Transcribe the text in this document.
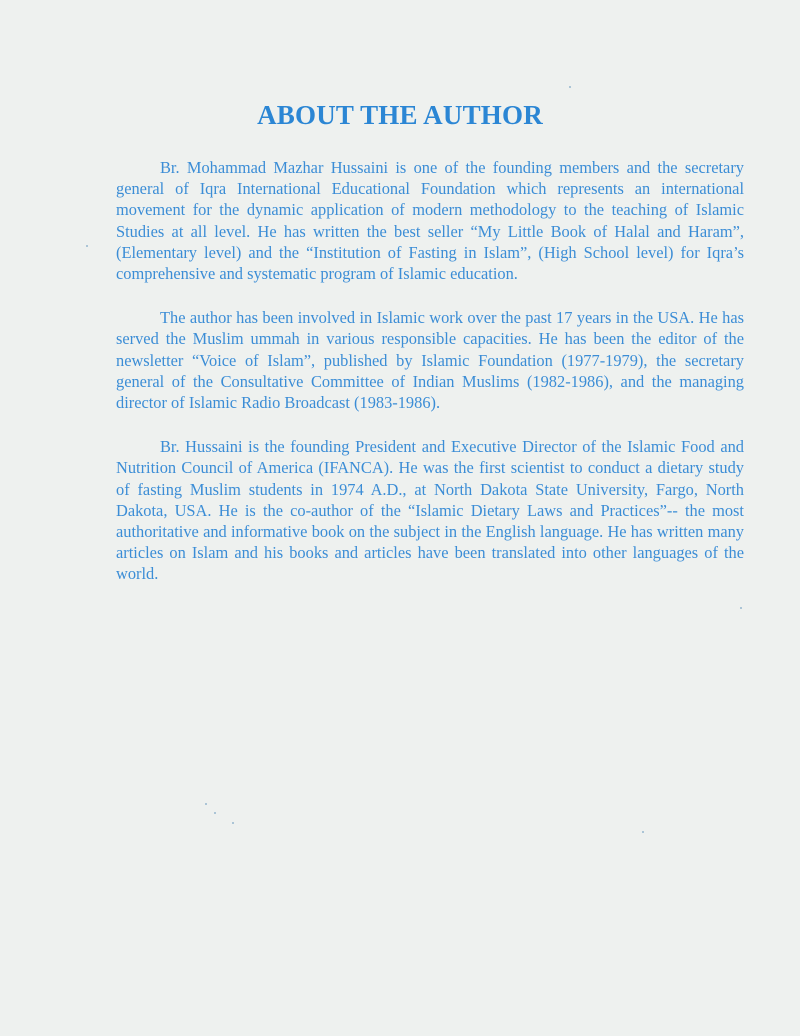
ABOUT THE AUTHOR

Br. Mohammad Mazhar Hussaini is one of the founding members and the secretary general of Iqra International Educational Foundation which represents an international movement for the dynamic application of modern methodology to the teaching of Islamic Studies at all level. He has written the best seller “My Little Book of Halal and Haram”, (Elementary level) and the “Institution of Fasting in Islam”, (High School level) for Iqra’s comprehensive and systematic program of Islamic education.

The author has been involved in Islamic work over the past 17 years in the USA. He has served the Muslim ummah in various responsible capacities. He has been the editor of the newsletter “Voice of Islam”, published by Islamic Foundation (1977-1979), the secretary general of the Consultative Committee of Indian Muslims (1982-1986), and the managing director of Islamic Radio Broadcast (1983-1986).

Br. Hussaini is the founding President and Executive Director of the Islamic Food and Nutrition Council of America (IFANCA). He was the first scientist to conduct a dietary study of fasting Muslim students in 1974 A.D., at North Dakota State University, Fargo, North Dakota, USA. He is the co-author of the “Islamic Dietary Laws and Practices”-- the most authoritative and informative book on the subject in the English language. He has written many articles on Islam and his books and articles have been translated into other languages of the world.
